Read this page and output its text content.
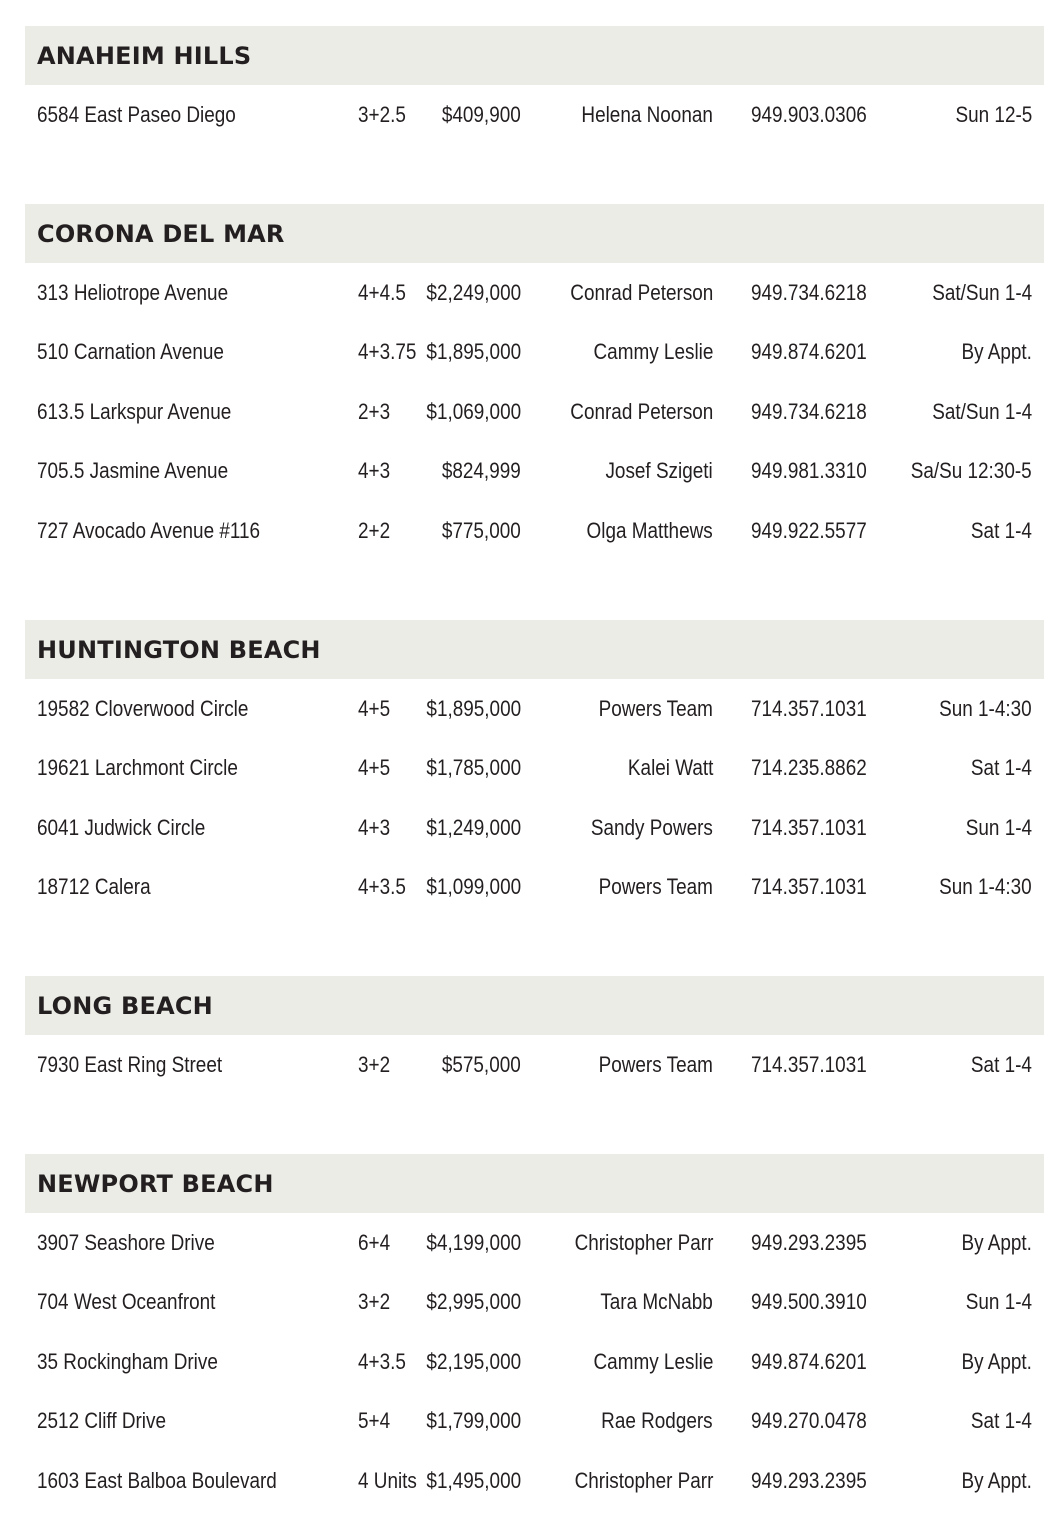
ANAHEIM HILLS
6584 East Paseo Diego	3+2.5 $409,900	Helena Noonan 949.903.0306	Sun 12-5
CORONA DEL MAR
313 Heliotrope Avenue	4+4.5 $2,249,000 Conrad Peterson 949.734.6218	Sat/Sun 1-4
510 Carnation Avenue	4+3.75 $1,895,000	Cammy Leslie 949.874.6201	By Appt.
613.5 Larkspur Avenue	2+3 $1,069,000 Conrad Peterson 949.734.6218	Sat/Sun 1-4
705.5 Jasmine Avenue	4+3 $824,999	Josef Szigeti 949.981.3310 Sa/Su 12:30-5
727 Avocado Avenue #116	2+2 $775,000	Olga Matthews 949.922.5577	Sat 1-4
HUNTINGTON BEACH
19582 Cloverwood Circle	4+5 $1,895,000	Powers Team 714.357.1031	Sun 1-4:30
19621 Larchmont Circle	4+5 $1,785,000	Kalei Watt 714.235.8862	Sat 1-4
6041 Judwick Circle	4+3 $1,249,000	Sandy Powers 714.357.1031	Sun 1-4
18712 Calera	4+3.5 $1,099,000	Powers Team 714.357.1031	Sun 1-4:30
LONG BEACH
7930 East Ring Street	3+2 $575,000	Powers Team 714.357.1031	Sat 1-4
NEWPORT BEACH
3907 Seashore Drive	6+4 $4,199,000 Christopher Parr 949.293.2395	By Appt.
704 West Oceanfront	3+2 $2,995,000	Tara McNabb 949.500.3910	Sun 1-4
35 Rockingham Drive	4+3.5 $2,195,000	Cammy Leslie 949.874.6201	By Appt.
2512 Cliff Drive	5+4 $1,799,000	Rae Rodgers 949.270.0478	Sat 1-4
1603 East Balboa Boulevard	4 Units $1,495,000 Christopher Parr 949.293.2395	By Appt.
